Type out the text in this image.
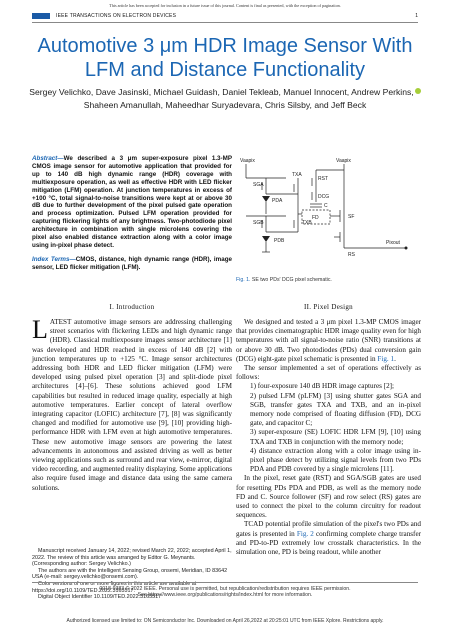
This article has been accepted for inclusion in a future issue of this journal. Content is final as presented, with the exception of pagination.
IEEE TRANSACTIONS ON ELECTRON DEVICES	1
Automotive 3 μm HDR Image Sensor With LFM and Distance Functionality
Sergey Velichko, Dave Jasinski, Michael Guidash, Daniel Tekleab, Manuel Innocent, Andrew Perkins,
Shaheen Amanullah, Maheedhar Suryadevara, Chris Silsby, and Jeff Beck
Abstract—We described a 3 μm super-exposure pixel 1.3-MP CMOS image sensor for automotive application that provided for up to 140 dB high dynamic range (HDR) coverage with multiexposure operation, as well as effective HDR with LED flicker mitigation (LFM) operation. At junction temperatures in excess of +100 °C, total signal-to-noise transitions were kept at or above 30 dB due to further development of the pixel pulsed gate operation and process optimization. Pulsed LFM operation provided for capturing flickering lights of any brightness. Two-photodiode pixel architecture in combination with single microlens covering the pixel also enabled distance extraction along with a color image using in-pixel phase detect.
Index Terms—CMOS, distance, high dynamic range (HDR), image sensor, LED flicker mitigation (LFM).
Vaapix
SGA
PDA
TXA
SGB
PDB
TXB
Vaapix
RST
DCG
C
FD	SF
RS
Pixout
Fig. 1. SE two PDs' DCG pixel schematic.
I. Introduction

LATEST automotive image sensors are addressing challenging street scenarios with flickering LEDs and high dynamic range (HDR). Classical multiexposure images sensor architecture [1] was developed and HDR reached in excess of 140 dB [2] with junction temperatures up to +125 °C. Image sensor architectures addressing both HDR and LED flicker mitigation (LFM) were developed using pulsed pixel operation [3] and split-diode pixel architectures [4]–[6]. These solutions achieved good LFM capabilities but resulted in reduced image quality, especially at high automotive temperatures. Earlier concept of lateral overflow integrating capacitor (LOFIC) architecture [7], [8] was significantly changed and modified for automotive use [9], [10] providing high-performance HDR with LFM even at high automotive temperatures. These new automotive image sensors are powering the latest advancements in autonomous and assisted driving as well as better viewing applications such as surround and rear view, e-mirror, digital video recording, and augmented reality displaying. Some applications also require fused image and distance data using the same camera solutions.

Manuscript received January 14, 2022; revised March 22, 2022; accepted April 1, 2022. The review of this article was arranged by Editor G. Meynants. (Corresponding author: Sergey Velichko.)

The authors are with the Intelligent Sensing Group, onsemi, Meridian, ID 83642 USA (e-mail: sergey.velichko@onsemi.com).

Color versions of one or more figures in this article are available at https://doi.org/10.1109/TED.2022.3165517.

Digital Object Identifier 10.1109/TED.2022.3165517

II. Pixel Design

We designed and tested a 3 μm pixel 1.3-MP CMOS imager that provides cinematographic HDR image quality even for high temperatures with all signal-to-noise ratio (SNR) transitions at or above 30 dB. Two photodiodes (PDs) dual conversion gain (DCG) eight-gate pixel schematic is presented in Fig. 1.

The sensor implemented a set of operations effectively as follows:

1) four-exposure 140 dB HDR image captures [2];
2) pulsed LFM (pLFM) [3] using shutter gates SGA and SGB, transfer gates TXA and TXB, and an in-pixel memory node comprised of floating diffusion (FD), DCG gate, and capacitor C;
3) super-exposure (SE) LOFIC HDR LFM [9], [10] using TXA and TXB in conjunction with the memory node;
4) distance extraction along with a color image using in-pixel phase detect by utilizing signal levels from two PDs PDA and PDB covered by a single microlens [11].

In the pixel, reset gate (RST) and SGA/SGB gates are used for resetting PDs PDA and PDB, as well as the memory node FD and C. Source follower (SF) and row select (RS) gates are used to connect the pixel to the column circuitry for readout sequences.

TCAD potential profile simulation of the pixel's two PDs and gates is presented in Fig. 2 confirming complete charge transfer and PD-to-PD extremely low crosstalk characteristics. In the simulation one, PD is being readout, while another

0018-9383 © 2022 IEEE. Personal use is permitted, but republication/redistribution requires IEEE permission.
See https://www.ieee.org/publications/rights/index.html for more information.
Authorized licensed use limited to: ON Semiconductor Inc. Downloaded on April 26,2022 at 20:25:01 UTC from IEEE Xplore. Restrictions apply.
